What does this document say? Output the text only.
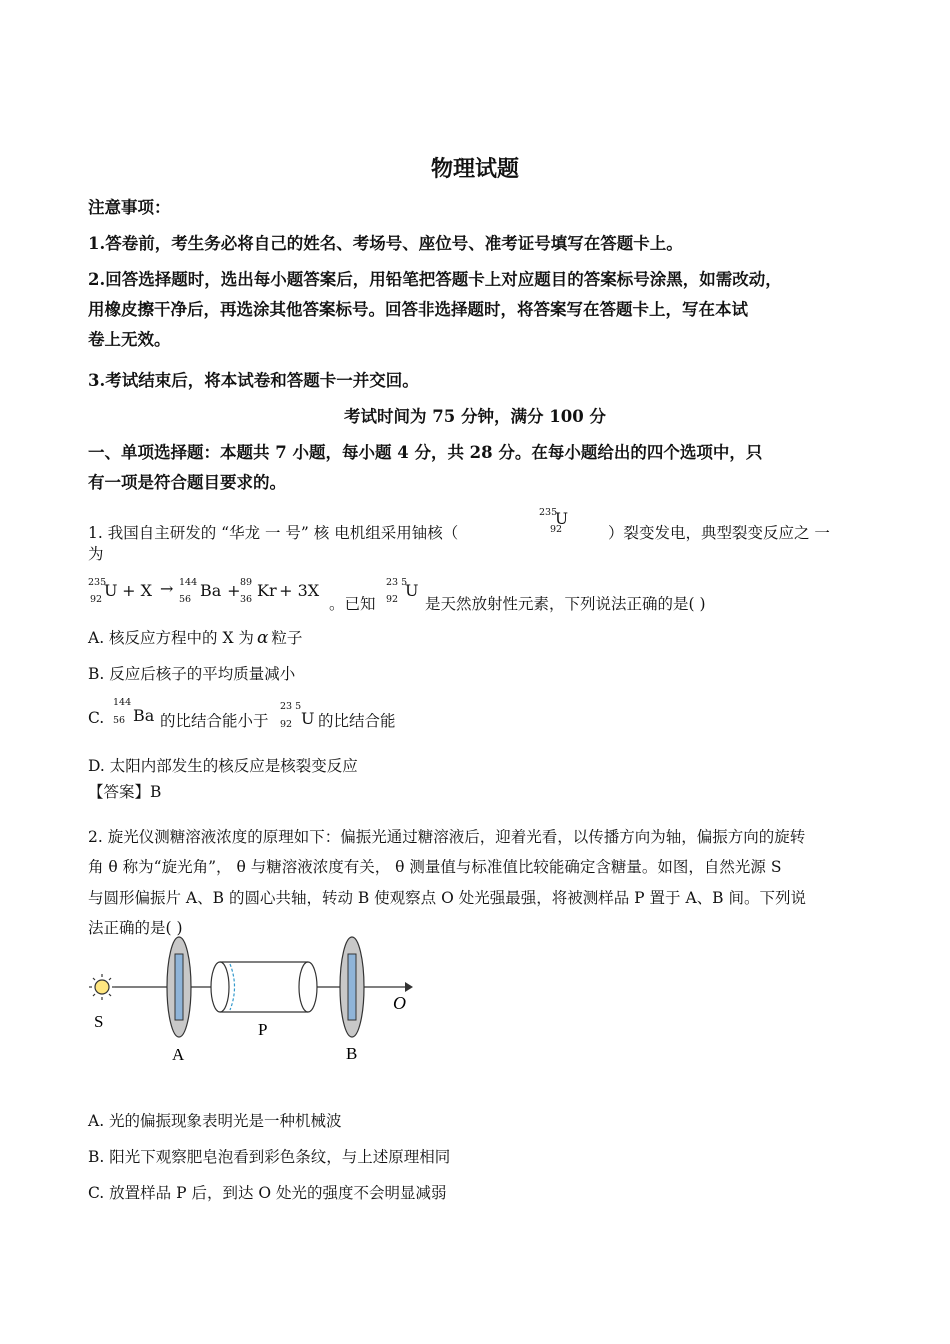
物理试题
注意事项：
1.答卷前，考生务必将自己的姓名、考场号、座位号、准考证号填写在答题卡上。
2.回答选择题时，选出每小题答案后，用铅笔把答题卡上对应题目的答案标号涂黑，如需改动，
用橡皮擦干净后，再选涂其他答案标号。回答非选择题时，将答案写在答题卡上，写在本试
卷上无效。
3.考试结束后，将本试卷和答题卡一并交回。
考试时间为 75 分钟，满分 100 分
一、单项选择题：本题共 7 小题，每小题 4 分，共 28 分。在每小题给出的四个选项中，只
有一项是符合题目要求的。
1. 我国自主研发的 “华龙 一 号” 核 电机组采用铀核（
235
U
92	）裂变发电，典型裂变反应之 一
为
235
92 U + X → 144
56 Ba + 89
36 Kr
+ 3X
。已知
23 5
92 U
是天然放射性元素，下列说法正确的是( )
A. 核反应方程中的 X 为 α 粒子
B. 反应后核子的平均质量减小
C.
144
56 Ba 的比结合能小于
23 5
92 U 的比结合能
D. 太阳内部发生的核反应是核裂变反应
【答案】B
2. 旋光仪测糖溶液浓度的原理如下：偏振光通过糖溶液后，迎着光看，以传播方向为轴，偏振方向的旋转
角 θ 称为“旋光角”， θ 与糖溶液浓度有关， θ 测量值与标准值比较能确定含糖量。如图，自然光源 S
与圆形偏振片 A、B 的圆心共轴，转动 B 使观察点 O 处光强最强，将被测样品 P 置于 A、B 间。下列说
法正确的是( )
S
A
P
B
O
A. 光的偏振现象表明光是一种机械波
B. 阳光下观察肥皂泡看到彩色条纹，与上述原理相同
C. 放置样品 P 后，到达 O 处光的强度不会明显减弱
